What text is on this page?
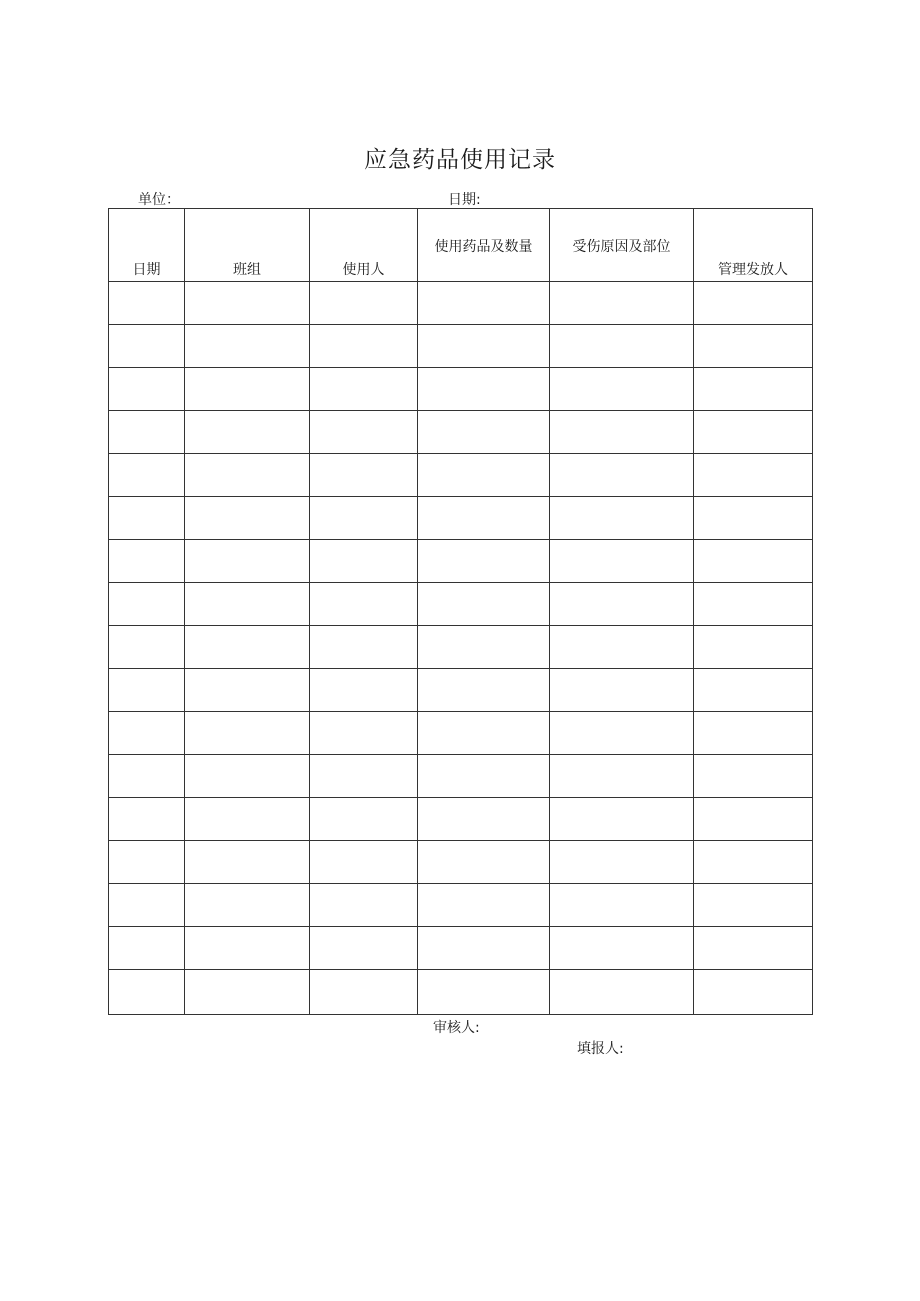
应急药品使用记录
单位：	日期:
日期	班组	使用人	使用药品及数量	受伤原因及部位	管理发放人

审核人:
填报人:
